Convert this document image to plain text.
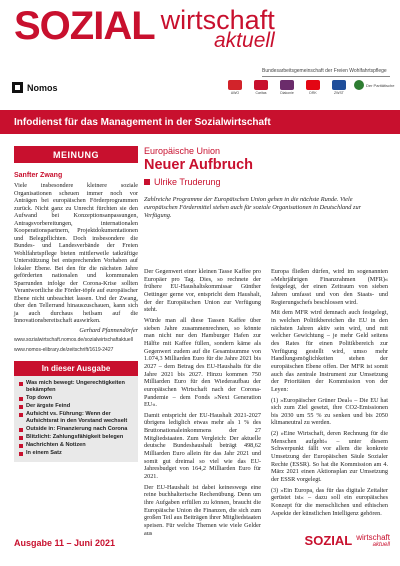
SOZIAL wirtschaft
aktuell
Nomos
Bundesarbeitsgemeinschaft der Freien Wohlfahrtspflege
AWO	Caritas	Diakonie	DRK	ZWST
Der Paritätische
Infodienst für das Management in der Sozialwirtschaft
MEINUNG
Sanfter Zwang

Viele insbesondere kleinere soziale Organisationen scheuen immer noch vor Anträgen bei europäischen Förderprogrammen zurück. Nicht ganz zu Unrecht fürchten sie den Aufwand bei Konzeptionsanpassungen, Antragsvorbereitungen, internationalen Kooperationspartnern, Projektdokumentationen und Belegpflichten. Doch insbesondere die Bundes- und Landesverbände der Freien Wohlfahrtspflege bieten mittlerweile tatkräftige Unterstützung bei entsprechenden Vorhaben auf lokaler Ebene. Bei den für die nächsten Jahre geförderten nationalen und kommunalen Sparrunden infolge der Corona-Krise sollten Verantwortliche die Förder-töpfe auf europäischer Ebene nicht unbeachtet lassen. Und der Zwang, über den Tellerrand hinauszuschauen, kann sich ja auch durchaus heilsam auf die Innovationsbereitschaft auswirken.

Gerhard Pfannendörfer

www.sozialwirtschaft.nomos.de/sozialwirtschaftaktuell
www.nomos-elibrary.de/zeitschrift/1619-2427
In dieser Ausgabe
Was mich bewegt: Ungerechtigkeiten bekämpfen
Top down
Der ärgste Feind
Aufsicht vs. Führung: Wenn der Aufsichtsrat in den Vorstand wechselt
Outside in: Finanzierung nach Corona
Blitzlicht: Zahlungsfähigkeit belegen
Nachrichten & Notizen
In einem Satz
Europäische Union
Neuer Aufbruch
Ulrike Truderung

Zahlreiche Programme der Europäischen Union gehen in die nächste Runde. Viele europäischen Fördermittel stehen auch für soziale Organisationen in Deutschland zur Verfügung.

Der Gegenwert einer kleinen Tasse Kaffee pro Europäer pro Tag. Dies, so rechnete der frühere EU-Haushaltskommissar Günther Oettinger gerne vor, entspricht dem Haushalt, der der Europäischen Union zur Verfügung steht.

Würde man all diese Tassen Kaffee über sieben Jahre zusammenrechnen, so könnte man nicht nur den Hamburger Hafen zur Hälfte mit Kaffee füllen, sondern käme als Gegenwert zudem auf die Gesamtsumme von 1.074,3 Milliarden Euro für die Jahre 2021 bis 2027 – dem Betrag des EU-Haushalts für die Jahre 2021 bis 2027. Hinzu kommen 750 Milliarden Euro für den Wiederaufbau der europäischen Wirtschaft nach der Corona-Pandemie – dem Fonds »Next Generation EU«.

Damit entspricht der EU-Haushalt 2021-2027 übrigens lediglich etwas mehr als 1 % des Bruttonationaleinkommens der 27 Mitgliedstaaten. Zum Vergleich: Der aktuelle deutsche Bundeshaushalt beträgt 498,62 Milliarden Euro allein für das Jahr 2021 und somit gut dreimal so viel wie das EU-Jahresbudget von 164,2 Milliarden Euro für 2021.

Der EU-Haushalt ist dabei keineswegs eine reine buchhalterische Rechenübung. Denn um ihre Aufgaben erfüllen zu können, braucht die Europäische Union die Finanzen, die sich zum großen Teil aus Beiträgen ihrer Mitgliedstaaten speisen. Für welche Themen wie viele Gelder aus

Europa fließen dürfen, wird im sogenannten »Mehrjährigen Finanzrahmen (MFR)« festgelegt, der einen Zeitraum von sieben Jahren umfasst und von den Staats- und Regierungschefs beschlossen wird.

Mit dem MFR wird demnach auch festgelegt, in welchen Politikbereichen die EU in den nächsten Jahren aktiv sein wird, und mit welcher Gewichtung – je mehr Geld seitens des Rates für einen Politikbereich zur Verfügung gestellt wird, umso mehr Handlungsmöglichkeiten stehen der europäischen Ebene offen. Der MFR ist somit auch das zentrale Instrument zur Umsetzung der Prioritäten der Kommission von der Leyen:

(1) »Europäischer Grüner Deal« – Die EU hat sich zum Ziel gesetzt, ihre CO2-Emissionen bis 2030 um 55 % zu senken und bis 2050 klimaneutral zu werden.

(2) »Eine Wirtschaft, deren Rechnung für die Menschen aufgeht« – unter diesem Schwerpunkt fällt vor allem die konkrete Umsetzung der Europäischen Säule Sozialer Rechte (ESSR). So hat die Kommission am 4. März 2021 einen Aktionsplan zur Umsetzung der ESSR vorgelegt.

(3) »Ein Europa, das für das digitale Zeitalter gerüstet ist« – dazu soll ein europäisches Konzept für die menschlichen und ethischen Aspekte der künstlichen Intelligenz gehören.

Ausgabe 11 – Juni 2021	SOZIAL wirtschaft
aktuell
